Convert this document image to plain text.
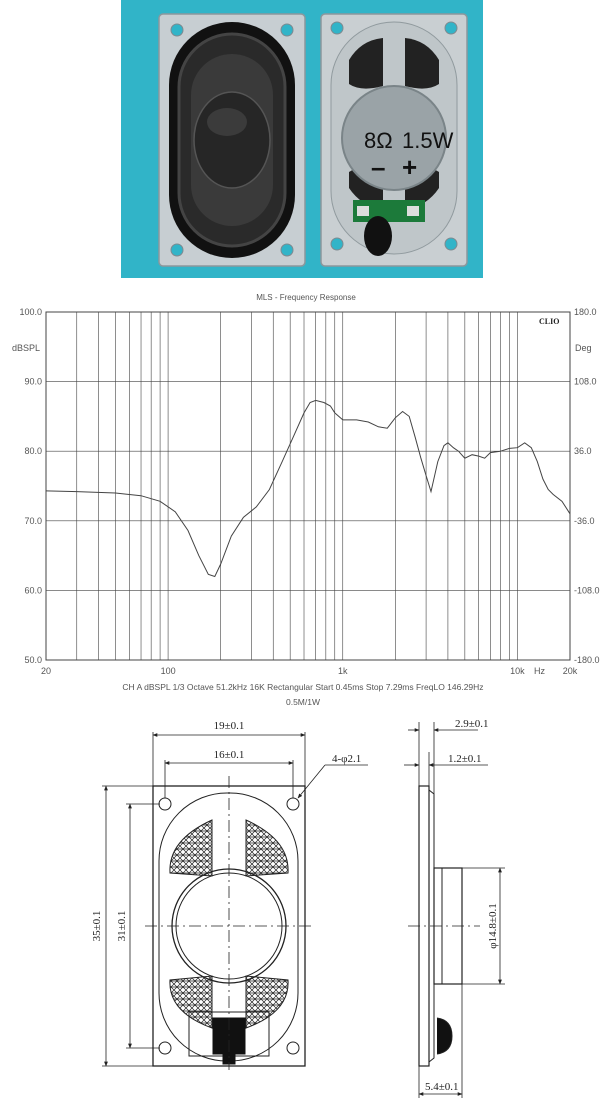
8Ω 1.5W
– +
MLS - Frequency Response
CLIO
dBSPL	Deg
50.0
60.0
70.0
80.0
90.0
100.0
-180.0
-108.0
-36.0
36.0
108.0
180.0
20	100	1k	10k	20k
Hz
CH A dBSPL 1/3 Octave 51.2kHz 16K Rectangular Start 0.45ms Stop 7.29ms FreqLO 146.29Hz
0.5M/1W
19±0.1
16±0.1	4-φ2.1
35±0.1 31±0.1
2.9±0.1
1.2±0.1
φ14.8±0.1
5.4±0.1
